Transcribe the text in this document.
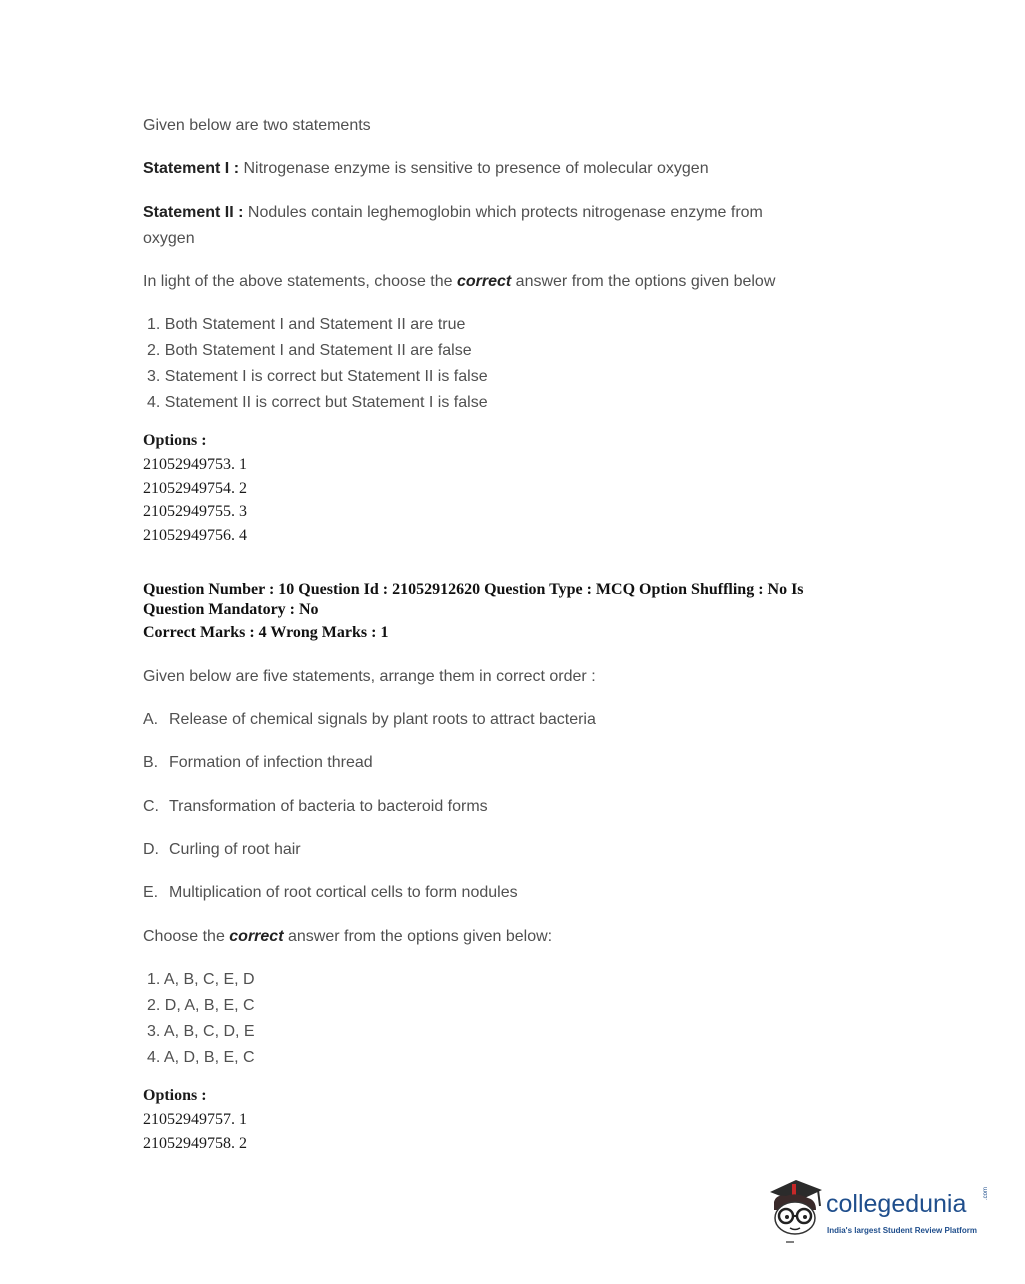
Given below are two statements
Statement I : Nitrogenase enzyme is sensitive to presence of molecular oxygen
Statement II : Nodules contain leghemoglobin which protects nitrogenase enzyme from
oxygen
In light of the above statements, choose the correct answer from the options given below
1. Both Statement I and Statement II are true
2. Both Statement I and Statement II are false
3. Statement I is correct but Statement II is false
4. Statement II is correct but Statement I is false
Options :
21052949753. 1
21052949754. 2
21052949755. 3
21052949756. 4
Question Number : 10 Question Id : 21052912620 Question Type : MCQ Option Shuffling : No Is
Question Mandatory : No
Correct Marks : 4 Wrong Marks : 1
Given below are five statements, arrange them in correct order :
A. Release of chemical signals by plant roots to attract bacteria
B. Formation of infection thread
C. Transformation of bacteria to bacteroid forms
D. Curling of root hair
E. Multiplication of root cortical cells to form nodules
Choose the correct answer from the options given below:
1. A, B, C, E, D
2. D, A, B, E, C
3. A, B, C, D, E
4. A, D, B, E, C
Options :
21052949757. 1
21052949758. 2
collegedunia	.com
India's largest Student Review Platform
